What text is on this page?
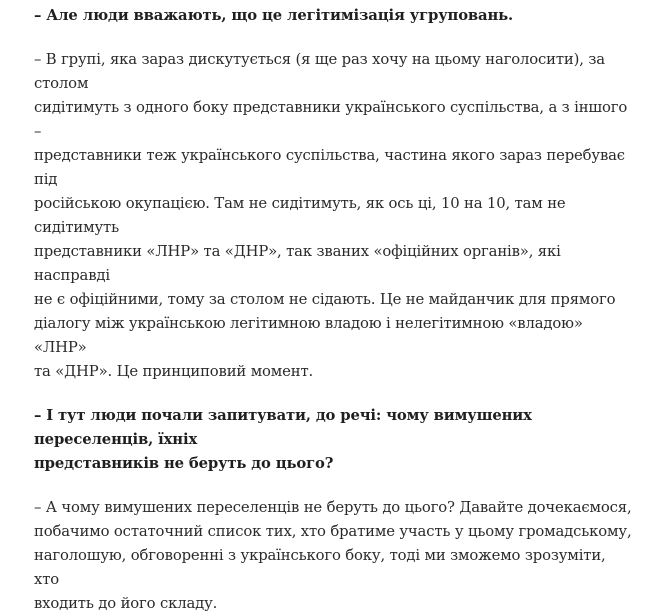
– Але люди вважають, що це легітимізація угруповань.

– В групі, яка зараз дискутується (я ще раз хочу на цьому наголосити), за столом
сидітимуть з одного боку представники українського суспільства, а з іншого –
представники теж українського суспільства, частина якого зараз перебуває під
російською окупацією. Там не сидітимуть, як ось ці, 10 на 10, там не сидітимуть
представники «ЛНР» та «ДНР», так званих «офіційних органів», які насправді
не є офіційними, тому за столом не сідають. Це не майданчик для прямого
діалогу між українською легітимною владою і нелегітимною «владою» «ЛНР»
та «ДНР». Це принциповий момент.

– І тут люди почали запитувати, до речі: чому вимушених переселенців, їхніх
представників не беруть до цього?

– А чому вимушених переселенців не беруть до цього? Давайте дочекаємося,
побачимо остаточний список тих, хто братиме участь у цьому громадському,
наголошую, обговоренні з українського боку, тоді ми зможемо зрозуміти, хто
входить до його складу.
